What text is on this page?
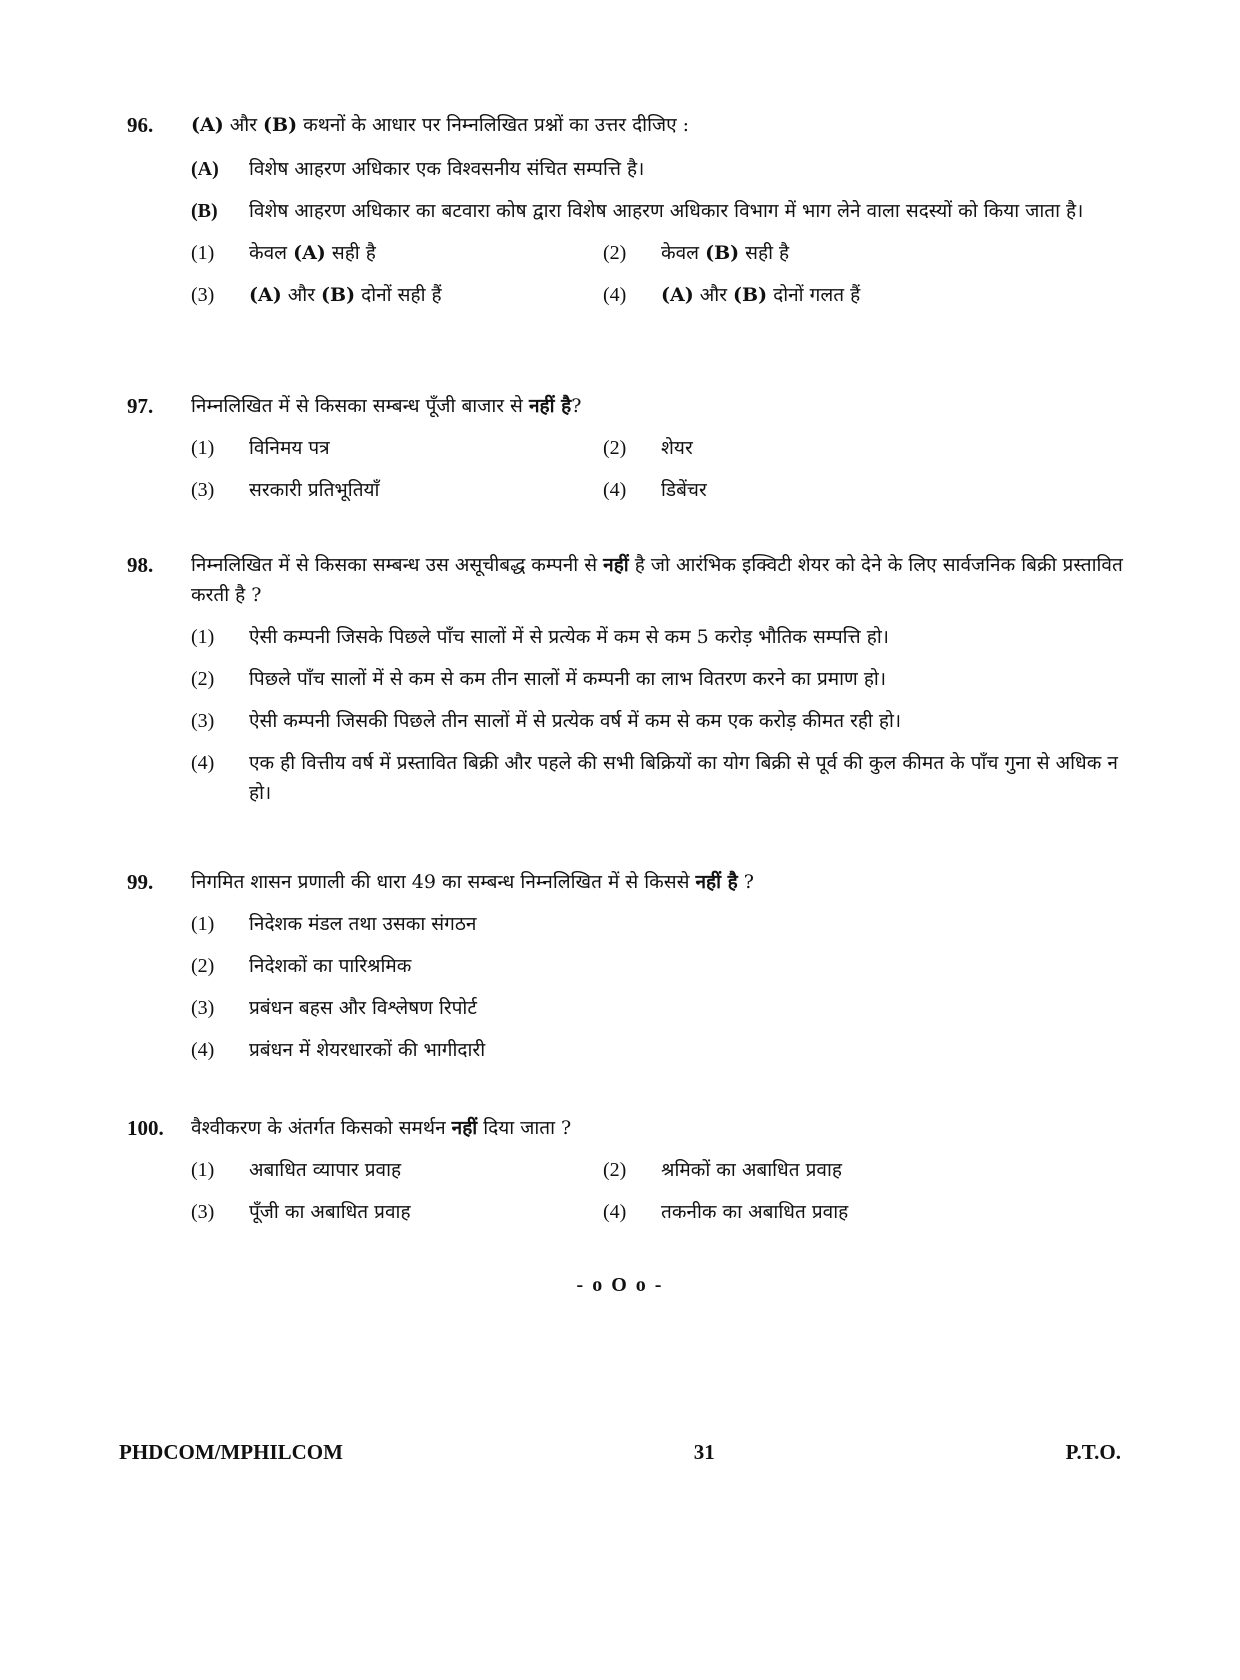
96.	(A) और (B) कथनों के आधार पर निम्नलिखित प्रश्नों का उत्तर दीजिए :
(A)	विशेष आहरण अधिकार एक विश्वसनीय संचित सम्पत्ति है।
(B)	विशेष आहरण अधिकार का बटवारा कोष द्वारा विशेष आहरण अधिकार विभाग में भाग लेने वाला सदस्यों को किया जाता है।
(1)	केवल (A) सही है	(2)	केवल (B) सही है
(3)	(A) और (B) दोनों सही हैं	(4)	(A) और (B) दोनों गलत हैं
97.	निम्नलिखित में से किसका सम्बन्ध पूँजी बाजार से नहीं है?
(1)	विनिमय पत्र	(2)	शेयर
(3)	सरकारी प्रतिभूतियाँ	(4)	डिबेंचर
98.	निम्नलिखित में से किसका सम्बन्ध उस असूचीबद्ध कम्पनी से नहीं है जो आरंभिक इक्विटी शेयर को देने के लिए सार्वजनिक बिक्री प्रस्तावित करती है ?
(1)	ऐसी कम्पनी जिसके पिछले पाँच सालों में से प्रत्येक में कम से कम 5 करोड़ भौतिक सम्पत्ति हो।
(2)	पिछले पाँच सालों में से कम से कम तीन सालों में कम्पनी का लाभ वितरण करने का प्रमाण हो।
(3)	ऐसी कम्पनी जिसकी पिछले तीन सालों में से प्रत्येक वर्ष में कम से कम एक करोड़ कीमत रही हो।
(4)	एक ही वित्तीय वर्ष में प्रस्तावित बिक्री और पहले की सभी बिक्रियों का योग बिक्री से पूर्व की कुल कीमत के पाँच गुना से अधिक न हो।
99.	निगमित शासन प्रणाली की धारा 49 का सम्बन्ध निम्नलिखित में से किससे नहीं है ?
(1)	निदेशक मंडल तथा उसका संगठन
(2)	निदेशकों का पारिश्रमिक
(3)	प्रबंधन बहस और विश्लेषण रिपोर्ट
(4)	प्रबंधन में शेयरधारकों की भागीदारी
100.	वैश्वीकरण के अंतर्गत किसको समर्थन नहीं दिया जाता ?
(1)	अबाधित व्यापार प्रवाह	(2)	श्रमिकों का अबाधित प्रवाह
(3)	पूँजी का अबाधित प्रवाह	(4)	तकनीक का अबाधित प्रवाह
- o O o -
PHDCOM/MPHILCOM	31	P.T.O.
